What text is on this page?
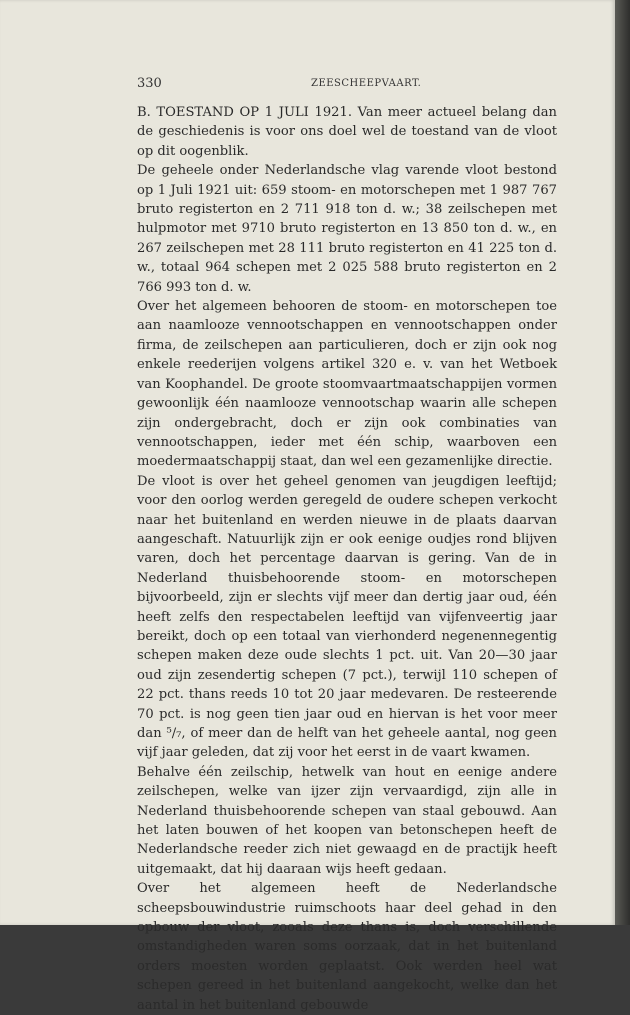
330	ZEESCHEEPVAART.

B. TOESTAND OP 1 JULI 1921. Van meer actueel belang dan de geschiedenis is voor ons doel wel de toestand van de vloot op dit oogenblik.

De geheele onder Nederlandsche vlag varende vloot bestond op 1 Juli 1921 uit: 659 stoom- en motorschepen met 1 987 767 bruto registerton en 2 711 918 ton d. w.; 38 zeilschepen met hulpmotor met 9710 bruto registerton en 13 850 ton d. w., en 267 zeilschepen met 28 111 bruto registerton en 41 225 ton d. w., totaal 964 schepen met 2 025 588 bruto registerton en 2 766 993 ton d. w.

Over het algemeen behooren de stoom- en motorschepen toe aan naamlooze vennootschappen en vennootschappen onder firma, de zeilschepen aan particulieren, doch er zijn ook nog enkele reederijen volgens artikel 320 e. v. van het Wetboek van Koophandel. De groote stoomvaartmaatschappijen vormen gewoonlijk één naamlooze vennootschap waarin alle schepen zijn ondergebracht, doch er zijn ook combinaties van vennootschappen, ieder met één schip, waarboven een moedermaatschappij staat, dan wel een gezamenlijke directie.

De vloot is over het geheel genomen van jeugdigen leeftijd; voor den oorlog werden geregeld de oudere schepen verkocht naar het buitenland en werden nieuwe in de plaats daarvan aangeschaft. Natuurlijk zijn er ook eenige oudjes rond blijven varen, doch het percentage daarvan is gering. Van de in Nederland thuisbehoorende stoom- en motorschepen bijvoorbeeld, zijn er slechts vijf meer dan dertig jaar oud, één heeft zelfs den respectabelen leeftijd van vijfenveertig jaar bereikt, doch op een totaal van vierhonderd negenennegentig schepen maken deze oude slechts 1 pct. uit. Van 20—30 jaar oud zijn zesendertig schepen (7 pct.), terwijl 110 schepen of 22 pct. thans reeds 10 tot 20 jaar medevaren. De resteerende 70 pct. is nog geen tien jaar oud en hiervan is het voor meer dan ⁵/₇, of meer dan de helft van het geheele aantal, nog geen vijf jaar geleden, dat zij voor het eerst in de vaart kwamen.

Behalve één zeilschip, hetwelk van hout en eenige andere zeilschepen, welke van ijzer zijn vervaardigd, zijn alle in Nederland thuisbehoorende schepen van staal gebouwd. Aan het laten bouwen of het koopen van betonschepen heeft de Nederlandsche reeder zich niet gewaagd en de practijk heeft uitgemaakt, dat hij daaraan wijs heeft gedaan.

Over het algemeen heeft de Nederlandsche scheepsbouwindustrie ruimschoots haar deel gehad in den opbouw der vloot, zooals deze thans is, doch verschillende omstandigheden waren soms oorzaak, dat in het buitenland orders moesten worden geplaatst. Ook werden heel wat schepen gereed in het buitenland aangekocht, welke dan het aantal in het buitenland gebouwde
